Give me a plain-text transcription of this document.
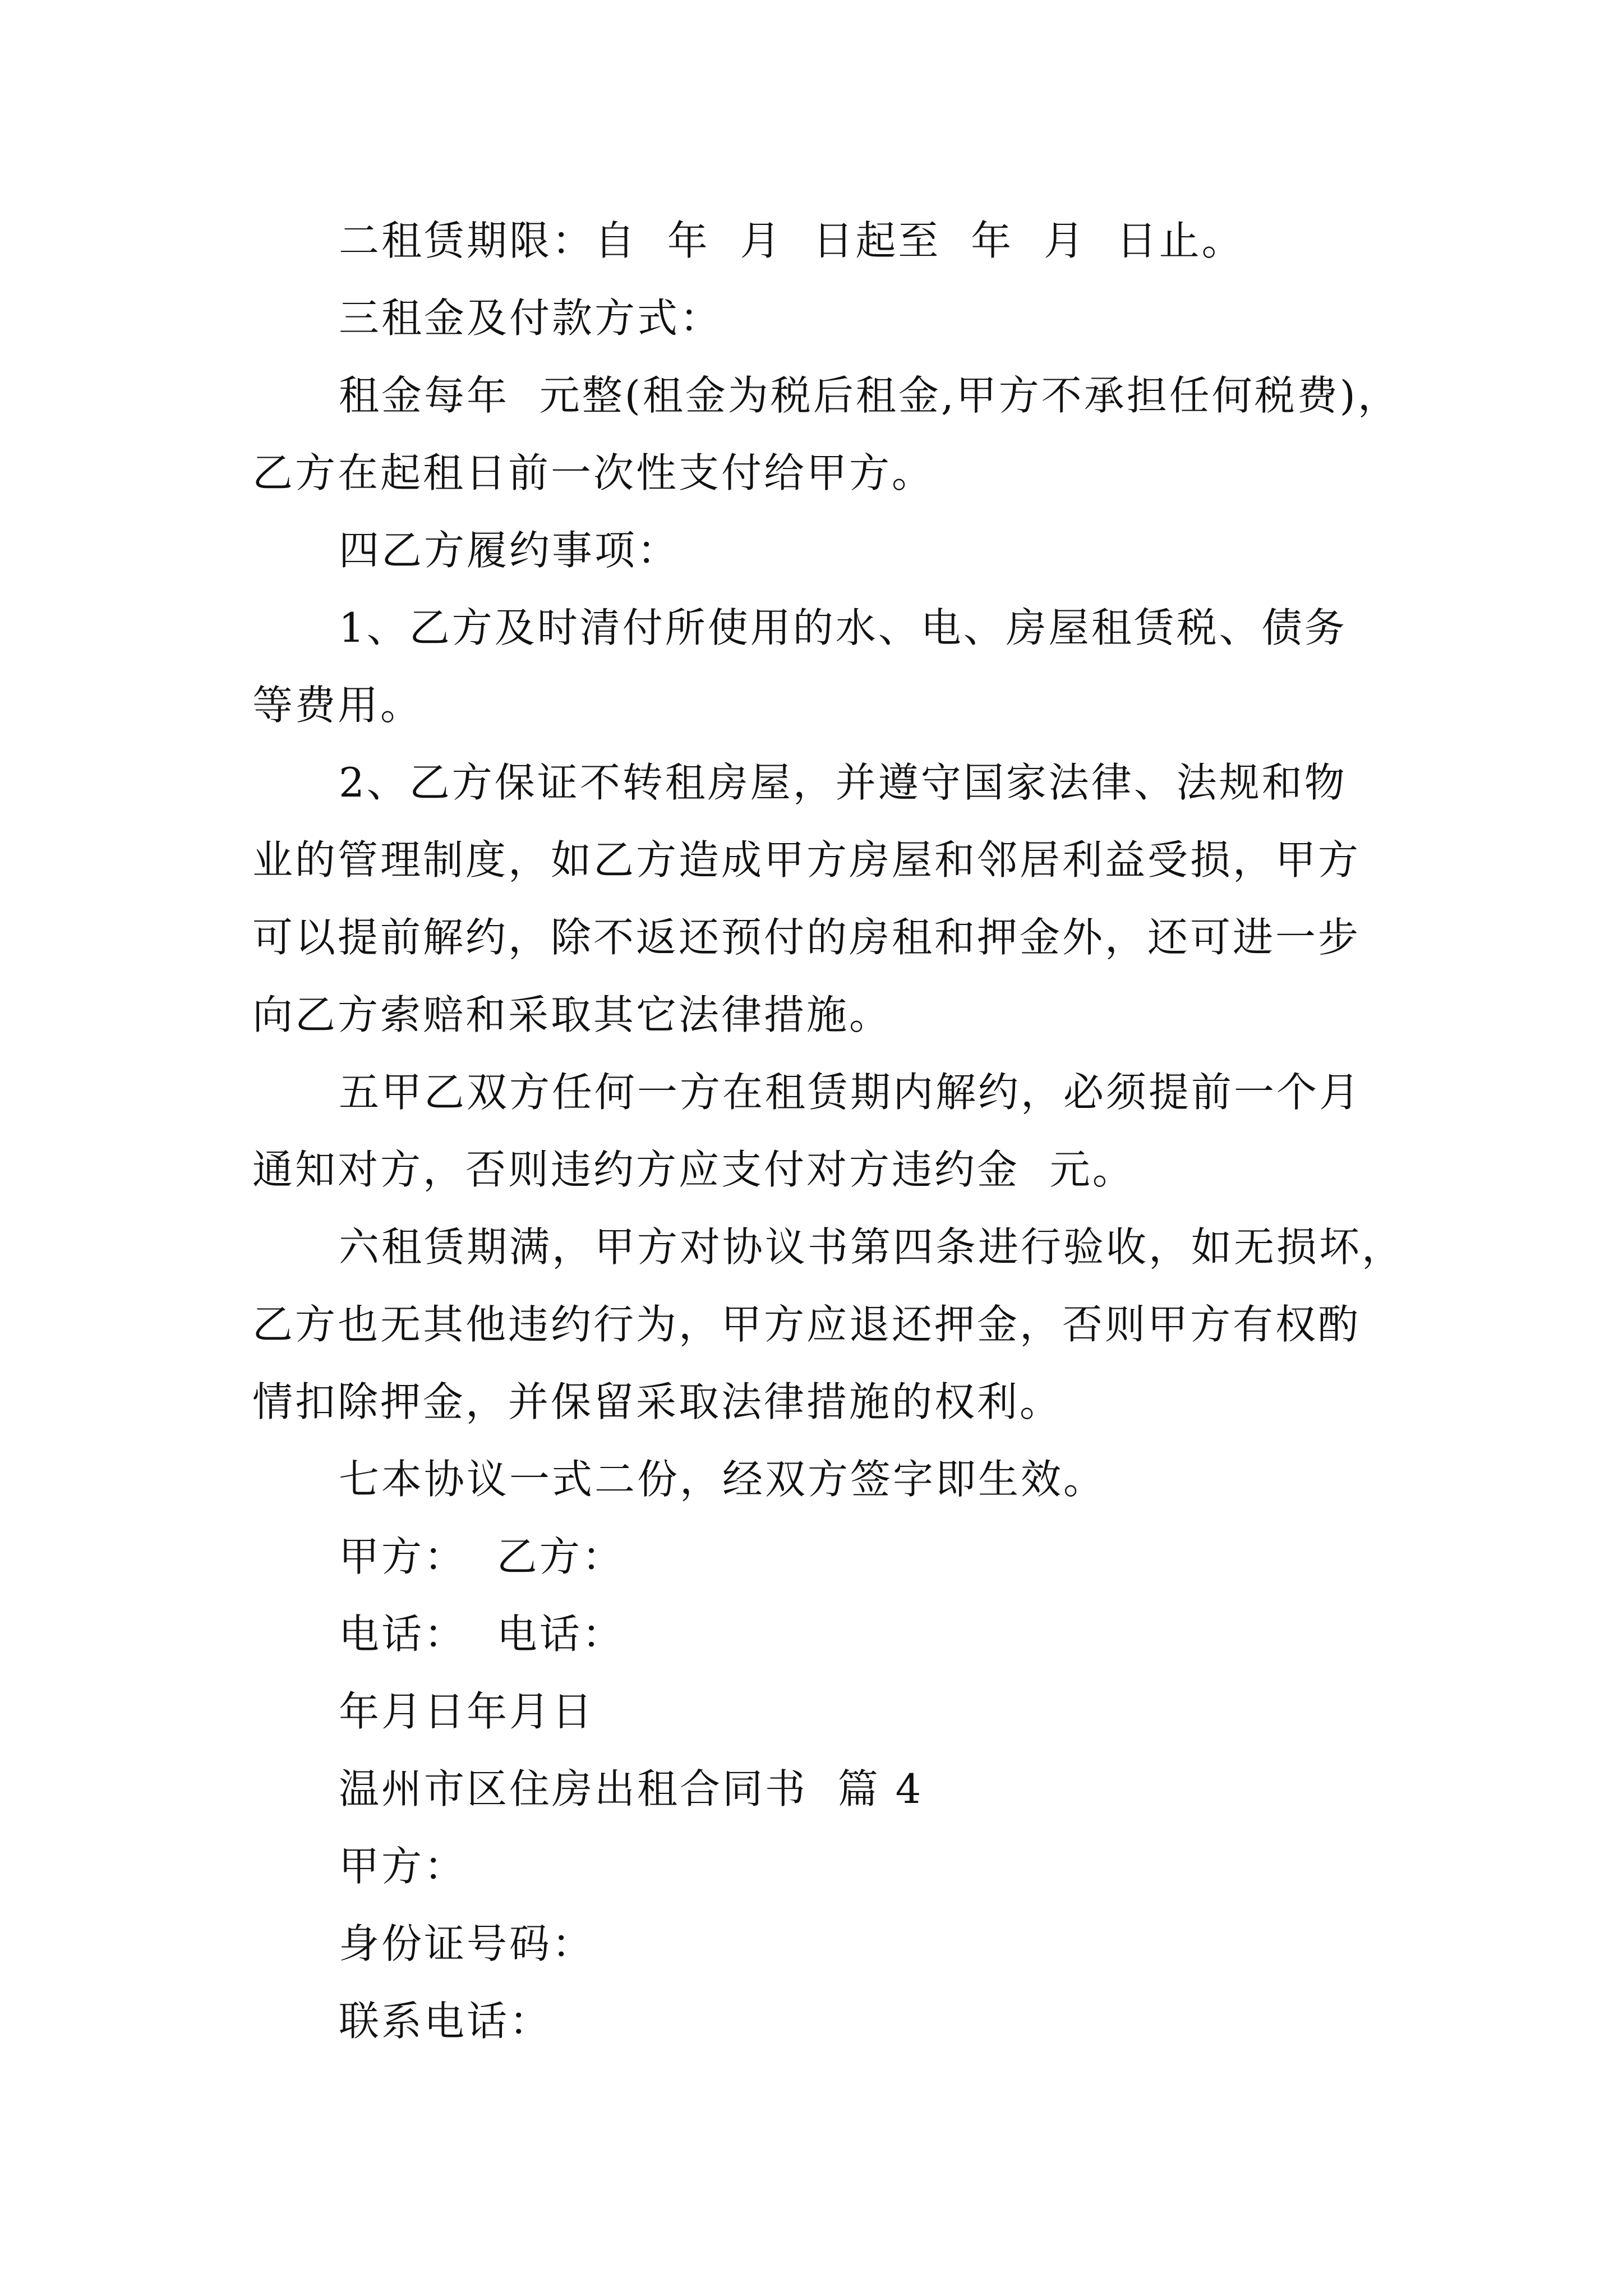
二租赁期限：自  年  月  日起至  年  月  日止。
三租金及付款方式：
租金每年  元整(租金为税后租金,甲方不承担任何税费)，
乙方在起租日前一次性支付给甲方。
四乙方履约事项：
1、乙方及时清付所使用的水、电、房屋租赁税、债务
等费用。
2、乙方保证不转租房屋，并遵守国家法律、法规和物
业的管理制度，如乙方造成甲方房屋和邻居利益受损，甲方
可以提前解约，除不返还预付的房租和押金外，还可进一步
向乙方索赔和采取其它法律措施。
五甲乙双方任何一方在租赁期内解约，必须提前一个月
通知对方，否则违约方应支付对方违约金  元。
六租赁期满，甲方对协议书第四条进行验收，如无损坏，
乙方也无其他违约行为，甲方应退还押金，否则甲方有权酌
情扣除押金，并保留采取法律措施的权利。
七本协议一式二份，经双方签字即生效。
甲方：  乙方：
电话：  电话：
年月日年月日
温州市区住房出租合同书  篇 4
甲方：
身份证号码：
联系电话：
